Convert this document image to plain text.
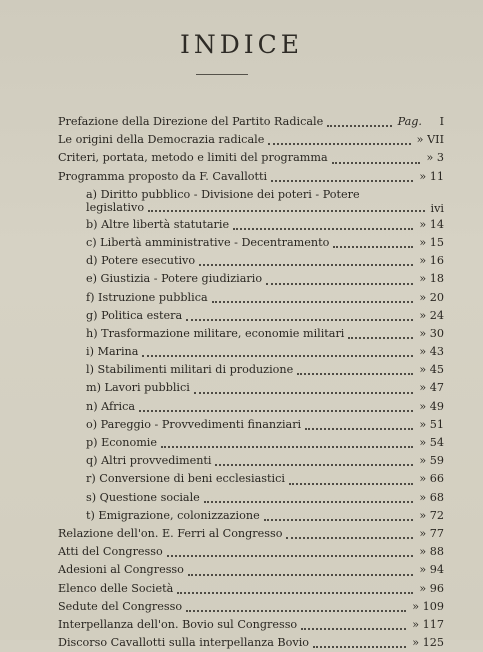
INDICE
Prefazione della Direzione del Partito Radicale	Pag. I
Le origini della Democrazia radicale	» VII
Criteri, portata, metodo e limiti del programma	» 3
Programma proposto da F. Cavallotti	» 11
a) Diritto pubblico - Divisione dei poteri - Potere legislativo	ivi
b) Altre libertà statutarie	» 14
c) Libertà amministrative - Decentramento	» 15
d) Potere esecutivo	» 16
e) Giustizia - Potere giudiziario	» 18
f) Istruzione pubblica	» 20
g) Politica estera	» 24
h) Trasformazione militare, economie militari	» 30
i) Marina	» 43
l) Stabilimenti militari di produzione	» 45
m) Lavori pubblici	» 47
n) Africa	» 49
o) Pareggio - Provvedimenti finanziari	» 51
p) Economie	» 54
q) Altri provvedimenti	» 59
r) Conversione di beni ecclesiastici	» 66
s) Questione sociale	» 68
t) Emigrazione, colonizzazione	» 72
Relazione dell'on. E. Ferri al Congresso	» 77
Atti del Congresso	» 88
Adesioni al Congresso	» 94
Elenco delle Società	» 96
Sedute del Congresso	» 109
Interpellanza dell'on. Bovio sul Congresso	» 117
Discorso Cavallotti sulla interpellanza Bovio	» 125
